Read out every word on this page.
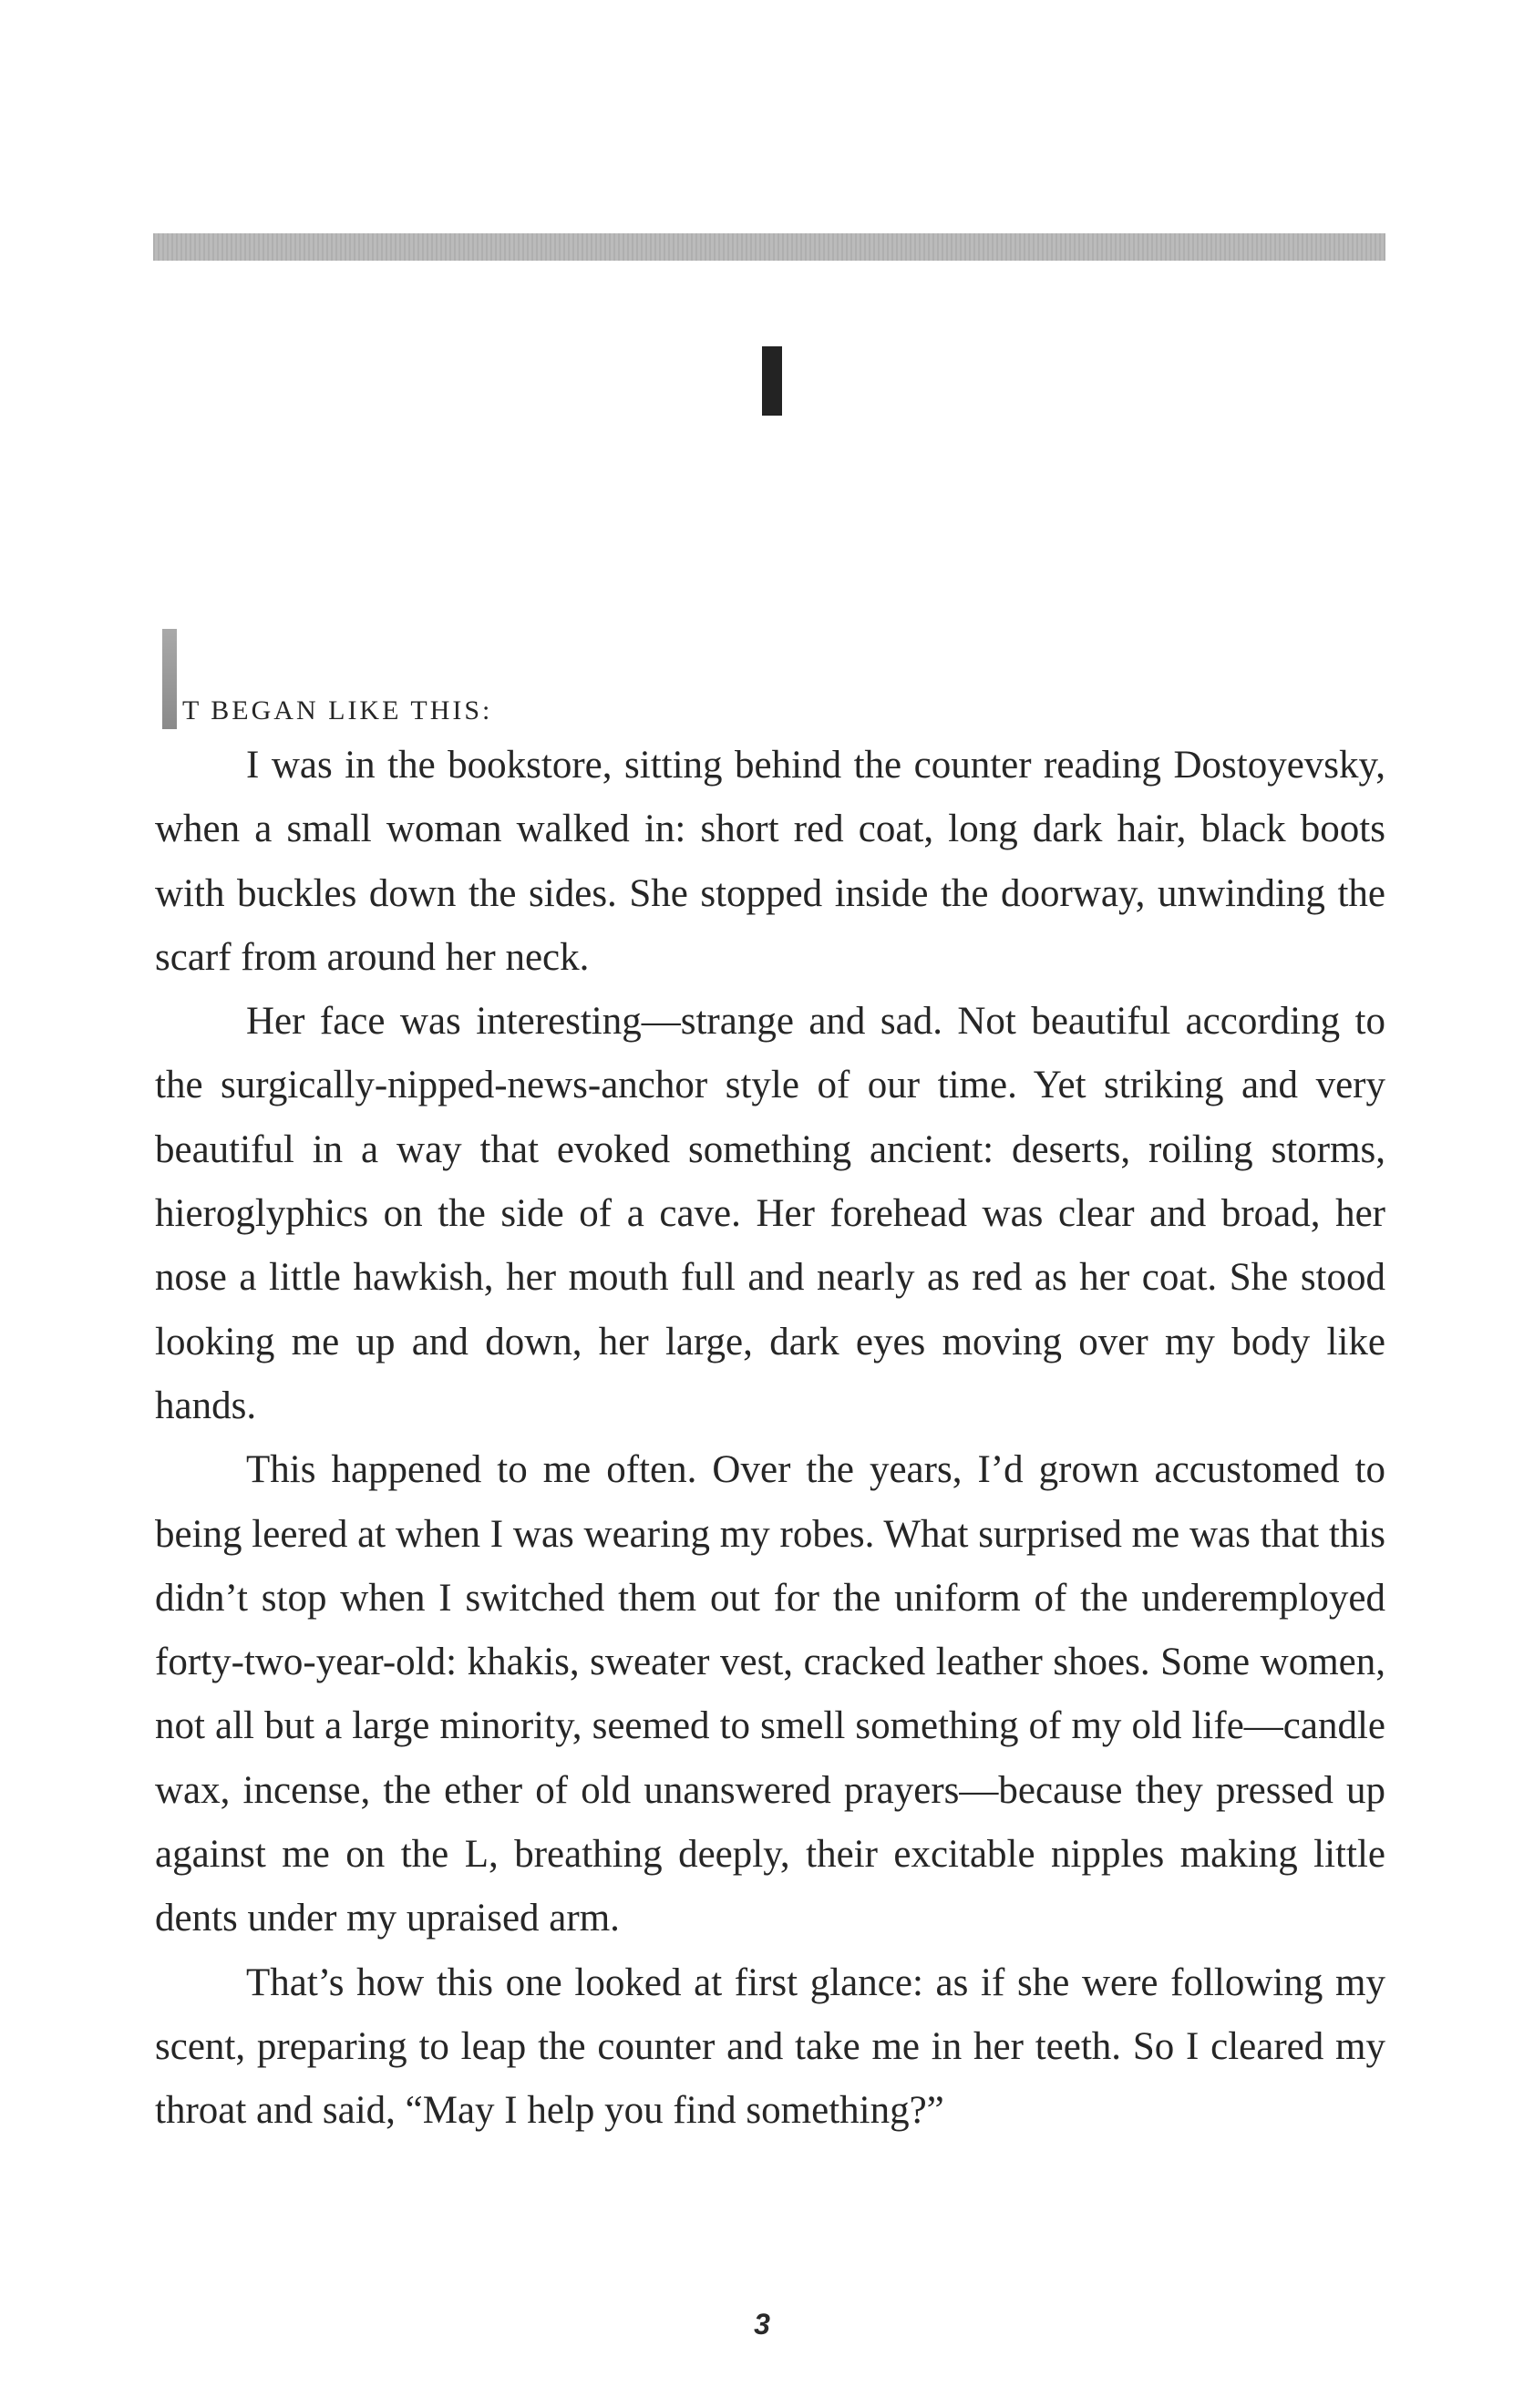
T BEGAN LIKE THIS:

I was in the bookstore, sitting behind the counter reading Dostoyevsky, when a small woman walked in: short red coat, long dark hair, black boots with buckles down the sides. She stopped inside the doorway, unwinding the scarf from around her neck.

Her face was interesting—strange and sad. Not beautiful according to the surgically-nipped-news-anchor style of our time. Yet striking and very beautiful in a way that evoked something ancient: deserts, roiling storms, hieroglyphics on the side of a cave. Her forehead was clear and broad, her nose a little hawkish, her mouth full and nearly as red as her coat. She stood looking me up and down, her large, dark eyes moving over my body like hands.

This happened to me often. Over the years, I’d grown accustomed to being leered at when I was wearing my robes. What surprised me was that this didn’t stop when I switched them out for the uniform of the underemployed forty-two-year-old: khakis, sweater vest, cracked leather shoes. Some women, not all but a large minority, seemed to smell something of my old life—candle wax, incense, the ether of old unanswered prayers—because they pressed up against me on the L, breathing deeply, their excitable nipples making little dents under my upraised arm.

That’s how this one looked at first glance: as if she were following my scent, preparing to leap the counter and take me in her teeth. So I cleared my throat and said, “May I help you find something?”

3
